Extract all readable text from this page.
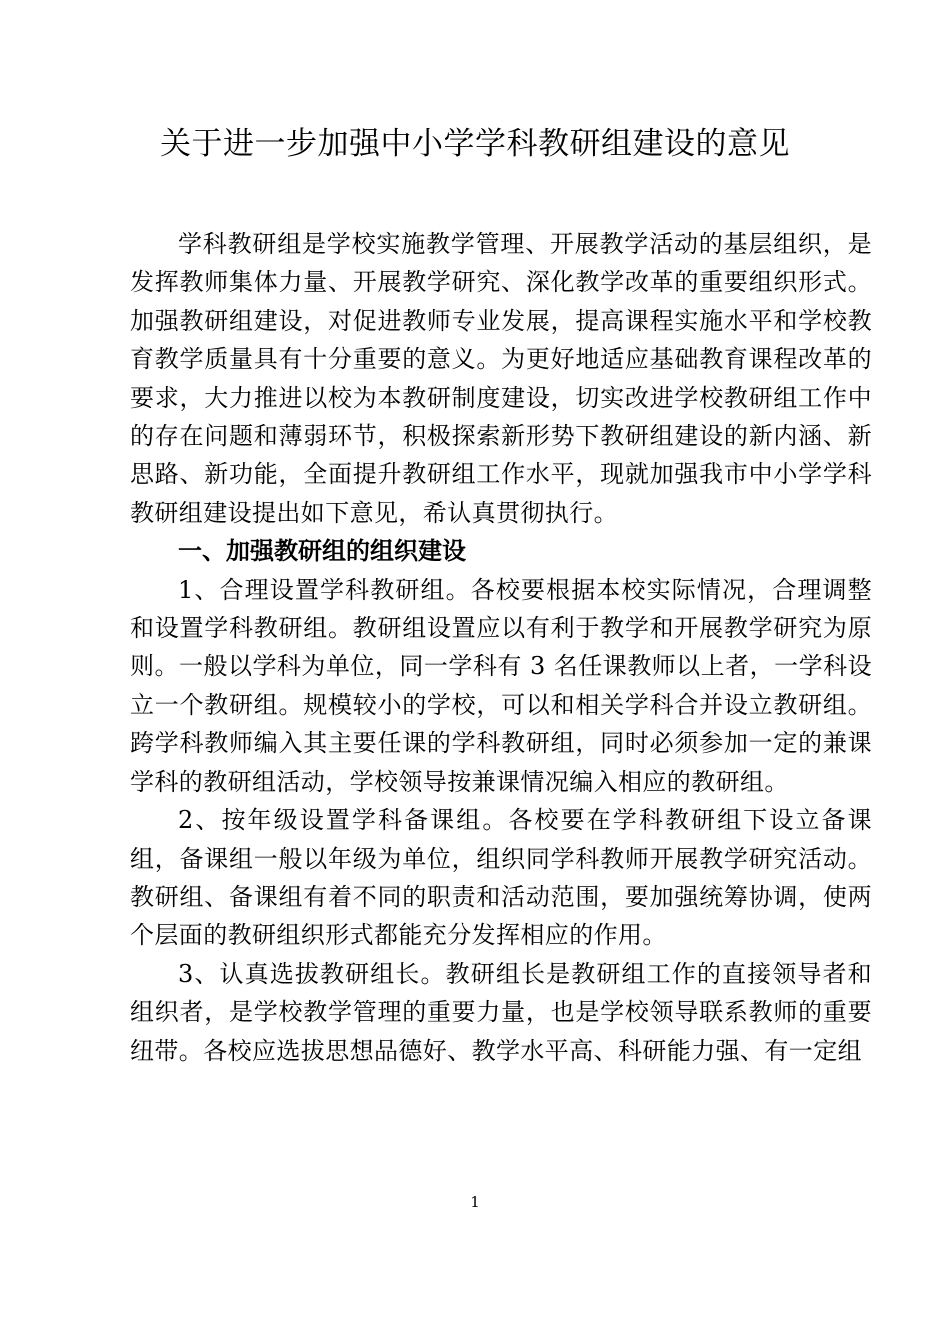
关于进一步加强中小学学科教研组建设的意见

学科教研组是学校实施教学管理、开展教学活动的基层组织，是发挥教师集体力量、开展教学研究、深化教学改革的重要组织形式。加强教研组建设，对促进教师专业发展，提高课程实施水平和学校教育教学质量具有十分重要的意义。为更好地适应基础教育课程改革的要求，大力推进以校为本教研制度建设，切实改进学校教研组工作中的存在问题和薄弱环节，积极探索新形势下教研组建设的新内涵、新思路、新功能，全面提升教研组工作水平，现就加强我市中小学学科教研组建设提出如下意见，希认真贯彻执行。

一、加强教研组的组织建设

1、合理设置学科教研组。各校要根据本校实际情况，合理调整和设置学科教研组。教研组设置应以有利于教学和开展教学研究为原则。一般以学科为单位，同一学科有 3 名任课教师以上者，一学科设立一个教研组。规模较小的学校，可以和相关学科合并设立教研组。跨学科教师编入其主要任课的学科教研组，同时必须参加一定的兼课学科的教研组活动，学校领导按兼课情况编入相应的教研组。

2、按年级设置学科备课组。各校要在学科教研组下设立备课组，备课组一般以年级为单位，组织同学科教师开展教学研究活动。教研组、备课组有着不同的职责和活动范围，要加强统筹协调，使两个层面的教研组织形式都能充分发挥相应的作用。

3、认真选拔教研组长。教研组长是教研组工作的直接领导者和组织者，是学校教学管理的重要力量，也是学校领导联系教师的重要纽带。各校应选拔思想品德好、教学水平高、科研能力强、有一定组

1
